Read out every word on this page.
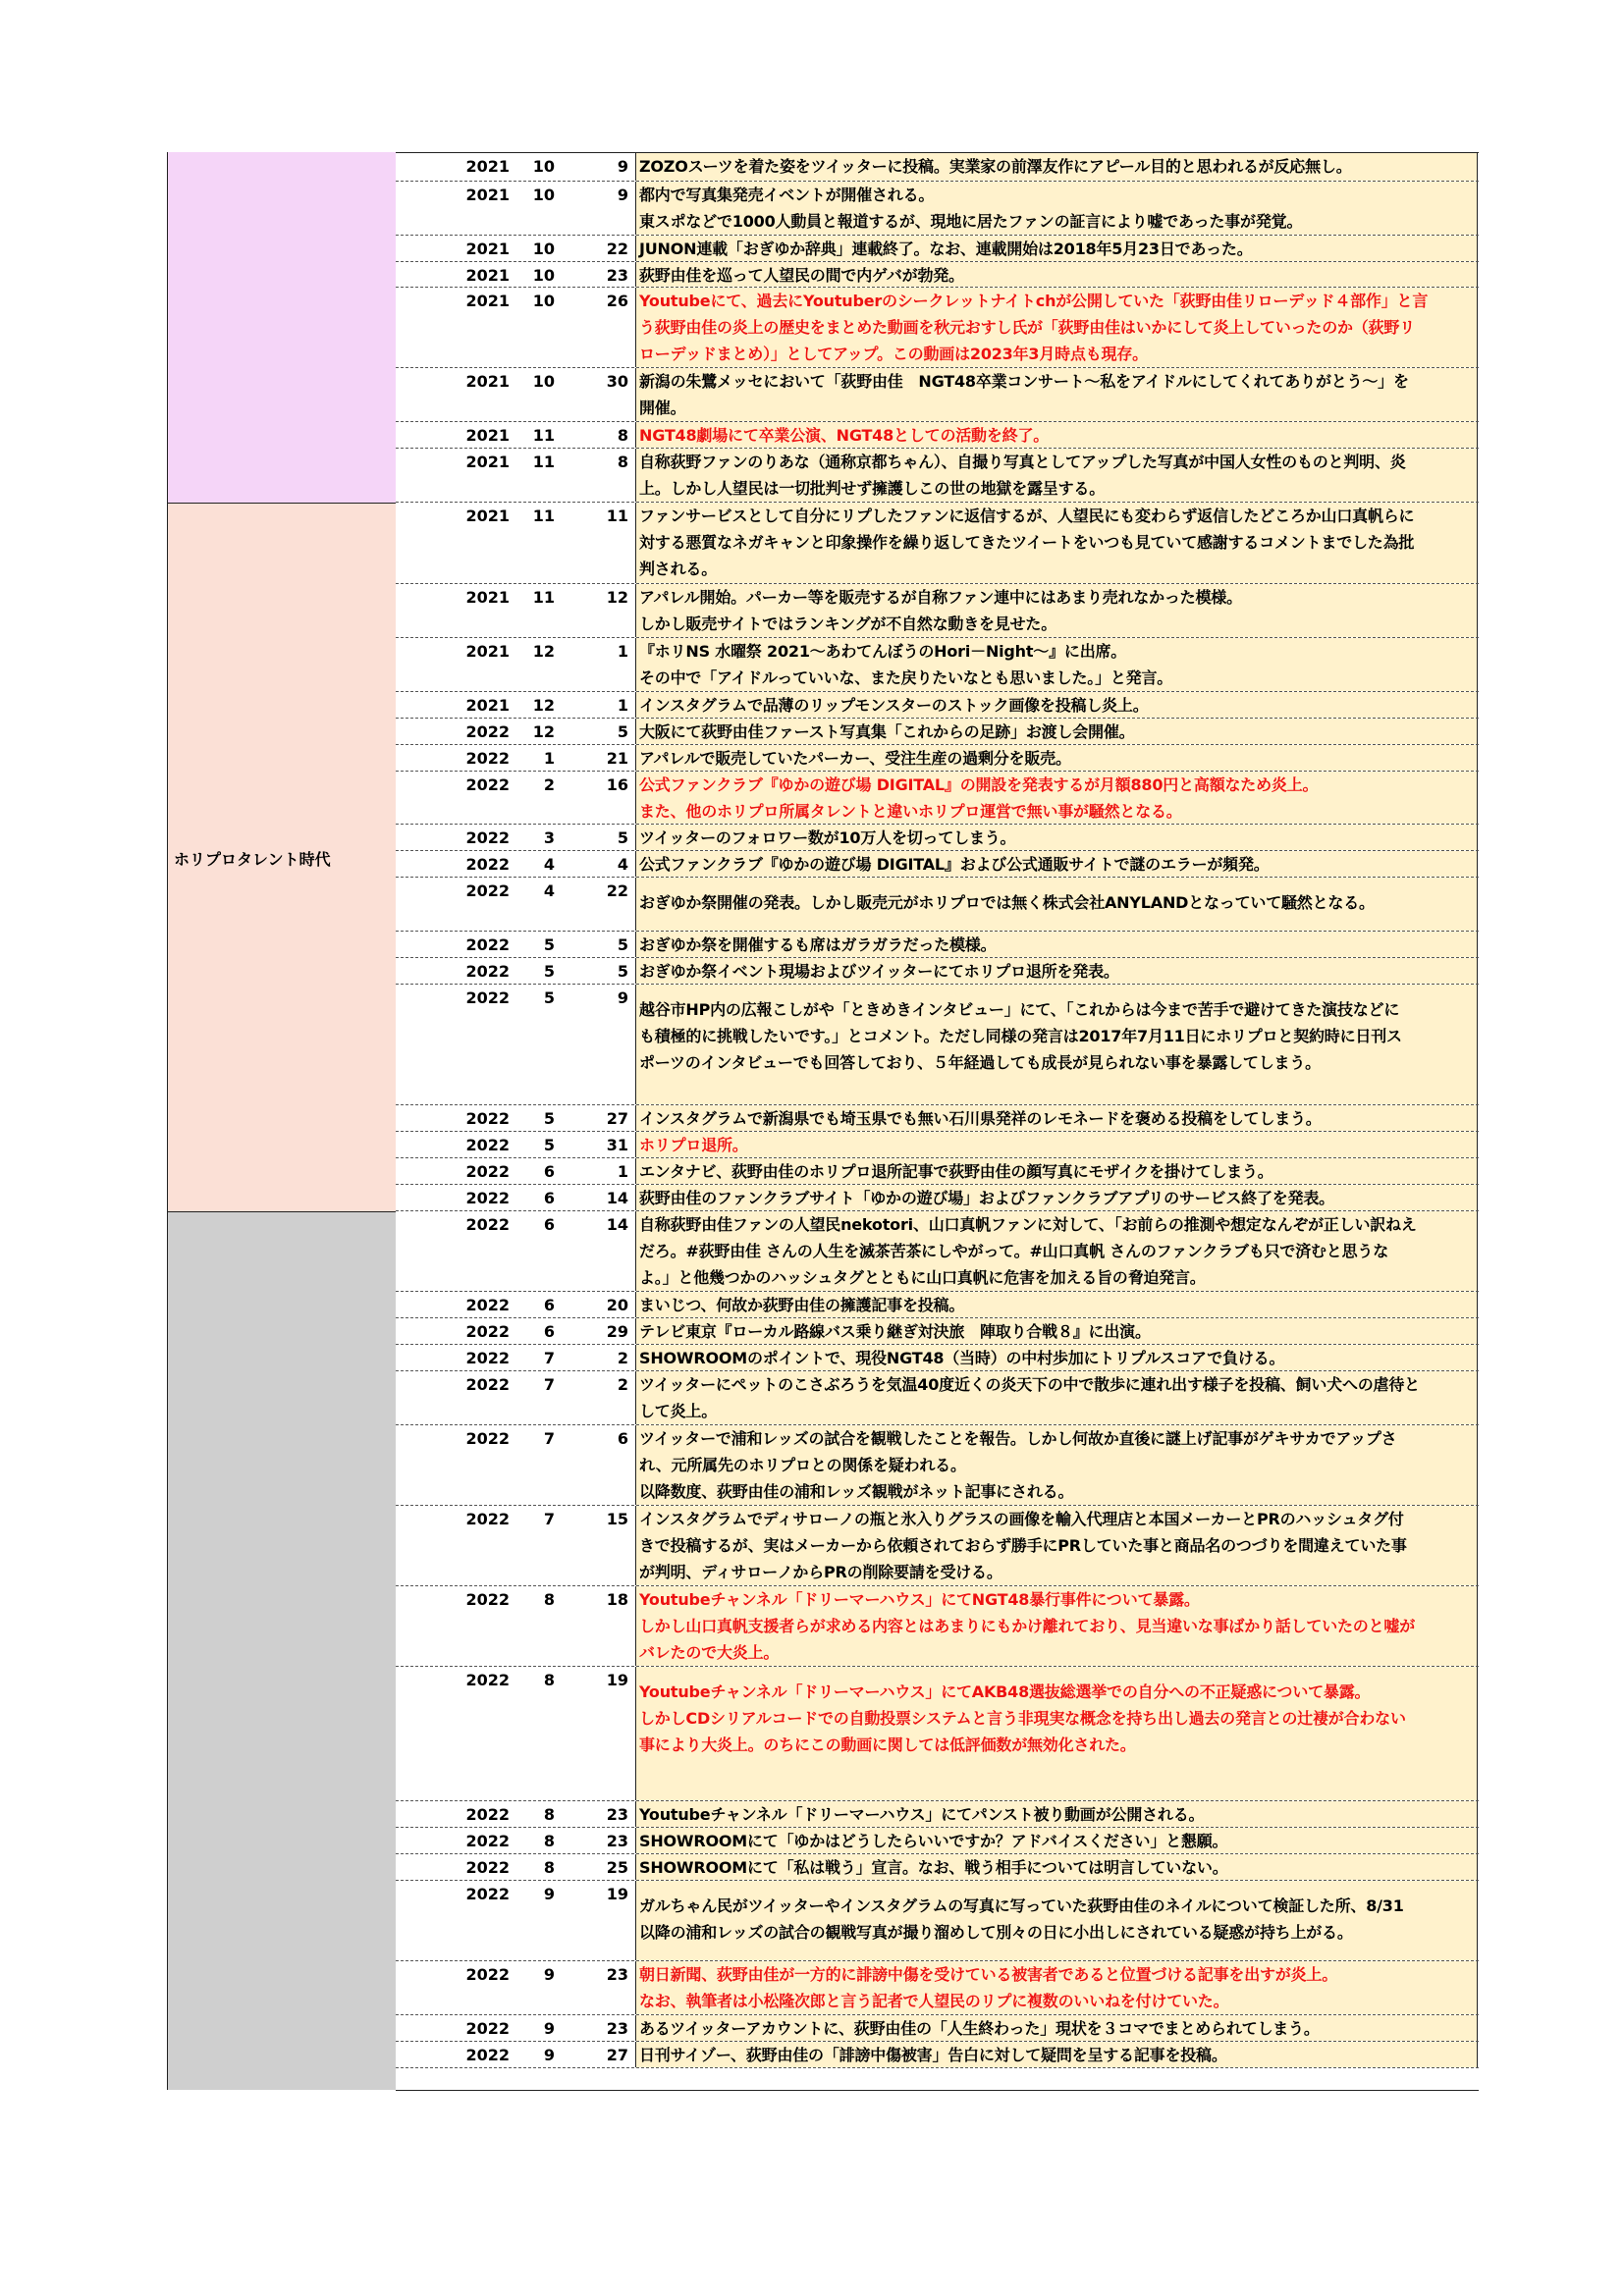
ホリプロタレント時代
2021	10	9 ZOZOスーツを着た姿をツイッターに投稿。実業家の前澤友作にアピール目的と思われるが反応無し。
2021	10	9 都内で写真集発売イベントが開催される。
東スポなどで1000人動員と報道するが、現地に居たファンの証言により嘘であった事が発覚。
2021	10	22 JUNON連載「おぎゆか辞典」連載終了。なお、連載開始は2018年5月23日であった。
2021	10	23 荻野由佳を巡って人望民の間で内ゲバが勃発。
2021	10	26 Youtubeにて、過去にYoutuberのシークレットナイトchが公開していた「荻野由佳リローデッド４部作」と言
う荻野由佳の炎上の歴史をまとめた動画を秋元おすし氏が「荻野由佳はいかにして炎上していったのか（荻野リ
ローデッドまとめ）」としてアップ。この動画は2023年3月時点も現存。
2021	10	30 新潟の朱鷺メッセにおいて「荻野由佳　NGT48卒業コンサート～私をアイドルにしてくれてありがとう～」を
開催。
2021	11	8 NGT48劇場にて卒業公演、NGT48としての活動を終了。
2021	11	8 自称荻野ファンのりあな（通称京都ちゃん）、自撮り写真としてアップした写真が中国人女性のものと判明、炎
上。しかし人望民は一切批判せず擁護しこの世の地獄を露呈する。
2021	11	11 ファンサービスとして自分にリプしたファンに返信するが、人望民にも変わらず返信したどころか山口真帆らに
対する悪質なネガキャンと印象操作を繰り返してきたツイートをいつも見ていて感謝するコメントまでした為批
判される。
2021	11	12 アパレル開始。パーカー等を販売するが自称ファン連中にはあまり売れなかった模様。
しかし販売サイトではランキングが不自然な動きを見せた。
2021	12	1 『ホリNS 水曜祭 2021～あわてんぼうのHori－Night～』に出席。
その中で「アイドルっていいな、また戻りたいなとも思いました。」と発言。
2021	12	1 インスタグラムで品薄のリップモンスターのストック画像を投稿し炎上。
2022	12	5 大阪にて荻野由佳ファースト写真集「これからの足跡」お渡し会開催。
2022	1	21 アパレルで販売していたパーカー、受注生産の過剰分を販売。
2022	2	16 公式ファンクラブ『ゆかの遊び場 DIGITAL』の開設を発表するが月額880円と高額なため炎上。
また、他のホリプロ所属タレントと違いホリプロ運営で無い事が騒然となる。
2022	3	5 ツイッターのフォロワー数が10万人を切ってしまう。
2022	4	4 公式ファンクラブ『ゆかの遊び場 DIGITAL』および公式通販サイトで謎のエラーが頻発。
2022	4	22
おぎゆか祭開催の発表。しかし販売元がホリプロでは無く株式会社ANYLANDとなっていて騒然となる。
2022	5	5 おぎゆか祭を開催するも席はガラガラだった模様。
2022	5	5 おぎゆか祭イベント現場およびツイッターにてホリプロ退所を発表。
2022	5	9
越谷市HP内の広報こしがや「ときめきインタビュー」にて、「これからは今まで苦手で避けてきた演技などに
も積極的に挑戦したいです。」とコメント。ただし同様の発言は2017年7月11日にホリプロと契約時に日刊ス
ポーツのインタビューでも回答しており、５年経過しても成長が見られない事を暴露してしまう。
2022	5	27 インスタグラムで新潟県でも埼玉県でも無い石川県発祥のレモネードを褒める投稿をしてしまう。
2022	5	31 ホリプロ退所。
2022	6	1 エンタナビ、荻野由佳のホリプロ退所記事で荻野由佳の顔写真にモザイクを掛けてしまう。
2022	6	14 荻野由佳のファンクラブサイト「ゆかの遊び場」およびファンクラブアプリのサービス終了を発表。
2022	6	14 自称荻野由佳ファンの人望民nekotori、山口真帆ファンに対して、「お前らの推測や想定なんぞが正しい訳ねえ
だろ。#荻野由佳 さんの人生を滅茶苦茶にしやがって。#山口真帆 さんのファンクラブも只で済むと思うな
よ。」と他幾つかのハッシュタグとともに山口真帆に危害を加える旨の脅迫発言。
2022	6	20 まいじつ、何故か荻野由佳の擁護記事を投稿。
2022	6	29 テレビ東京『ローカル路線バス乗り継ぎ対決旅　陣取り合戦８』に出演。
2022	7	2 SHOWROOMのポイントで、現役NGT48（当時）の中村歩加にトリプルスコアで負ける。
2022	7	2 ツイッターにペットのこさぶろうを気温40度近くの炎天下の中で散歩に連れ出す様子を投稿、飼い犬への虐待と
して炎上。
2022	7	6 ツイッターで浦和レッズの試合を観戦したことを報告。しかし何故か直後に謎上げ記事がゲキサカでアップさ
れ、元所属先のホリプロとの関係を疑われる。
以降数度、荻野由佳の浦和レッズ観戦がネット記事にされる。
2022	7	15 インスタグラムでディサローノの瓶と氷入りグラスの画像を輸入代理店と本国メーカーとPRのハッシュタグ付
きで投稿するが、実はメーカーから依頼されておらず勝手にPRしていた事と商品名のつづりを間違えていた事
が判明、ディサローノからPRの削除要請を受ける。
2022	8	18 Youtubeチャンネル「ドリーマーハウス」にてNGT48暴行事件について暴露。
しかし山口真帆支援者らが求める内容とはあまりにもかけ離れており、見当違いな事ばかり話していたのと嘘が
バレたので大炎上。
2022	8	19
Youtubeチャンネル「ドリーマーハウス」にてAKB48選抜総選挙での自分への不正疑惑について暴露。
しかしCDシリアルコードでの自動投票システムと言う非現実な概念を持ち出し過去の発言との辻褄が合わない
事により大炎上。のちにこの動画に関しては低評価数が無効化された。
2022	8	23 Youtubeチャンネル「ドリーマーハウス」にてパンスト被り動画が公開される。
2022	8	23 SHOWROOMにて「ゆかはどうしたらいいですか？アドバイスください」と懇願。
2022	8	25 SHOWROOMにて「私は戦う」宣言。なお、戦う相手については明言していない。
2022	9	19
ガルちゃん民がツイッターやインスタグラムの写真に写っていた荻野由佳のネイルについて検証した所、8/31
以降の浦和レッズの試合の観戦写真が撮り溜めして別々の日に小出しにされている疑惑が持ち上がる。
2022	9	23 朝日新聞、荻野由佳が一方的に誹謗中傷を受けている被害者であると位置づける記事を出すが炎上。
なお、執筆者は小松隆次郎と言う記者で人望民のリプに複数のいいねを付けていた。
2022	9	23 あるツイッターアカウントに、荻野由佳の「人生終わった」現状を３コマでまとめられてしまう。
2022	9	27 日刊サイゾー、荻野由佳の「誹謗中傷被害」告白に対して疑問を呈する記事を投稿。
